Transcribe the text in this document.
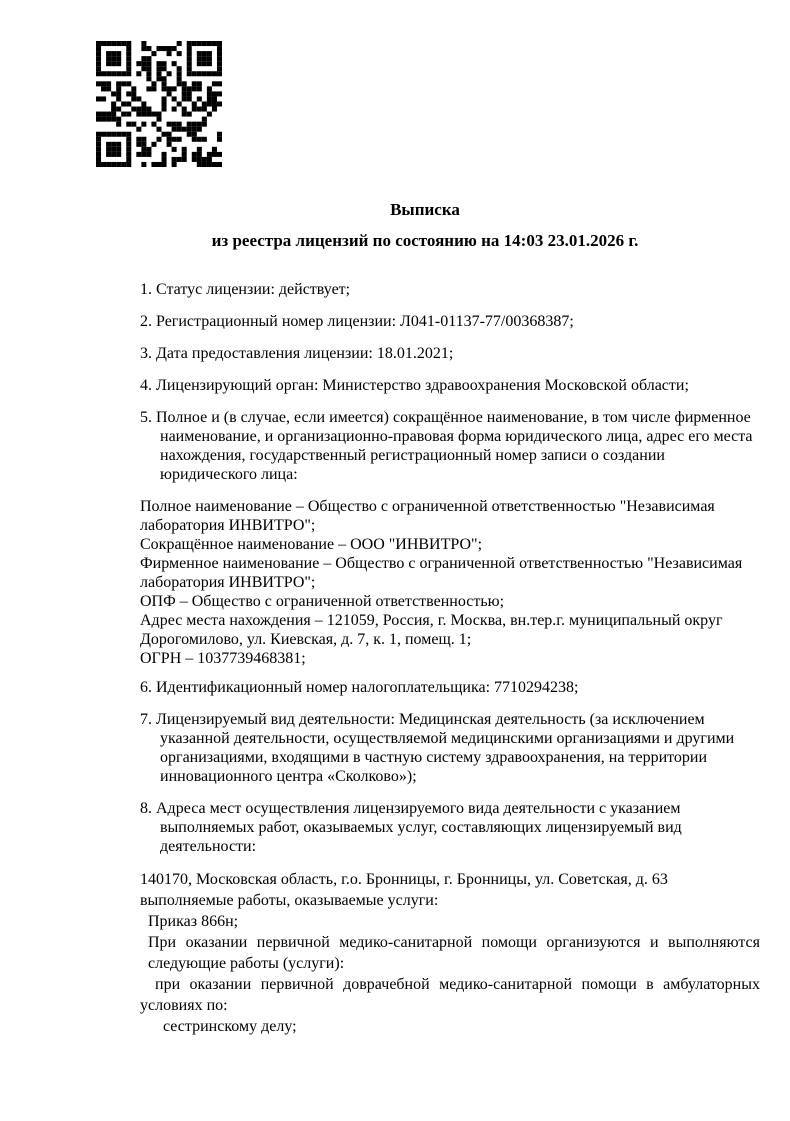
Выписка
из реестра лицензий по состоянию на 14:03 23.01.2026 г.

1. Статус лицензии: действует;

2. Регистрационный номер лицензии: Л041-01137-77/00368387;

3. Дата предоставления лицензии: 18.01.2021;

4. Лицензирующий орган: Министерство здравоохранения Московской области;

5. Полное и (в случае, если имеется) сокращённое наименование, в том числе фирменное наименование, и организационно-правовая форма юридического лица, адрес его места нахождения, государственный регистрационный номер записи о создании юридического лица:

Полное наименование – Общество с ограниченной ответственностью "Независимая лаборатория ИНВИТРО";
Сокращённое наименование – ООО "ИНВИТРО";
Фирменное наименование – Общество с ограниченной ответственностью "Независимая лаборатория ИНВИТРО";
ОПФ – Общество с ограниченной ответственностью;
Адрес места нахождения – 121059, Россия, г. Москва, вн.тер.г. муниципальный округ Дорогомилово, ул. Киевская, д. 7, к. 1, помещ. 1;
ОГРН – 1037739468381;

6. Идентификационный номер налогоплательщика: 7710294238;

7. Лицензируемый вид деятельности: Медицинская деятельность (за исключением указанной деятельности, осуществляемой медицинскими организациями и другими организациями, входящими в частную систему здравоохранения, на территории инновационного центра «Сколково»);

8. Адреса мест осуществления лицензируемого вида деятельности с указанием выполняемых работ, оказываемых услуг, составляющих лицензируемый вид деятельности:

140170, Московская область, г.о. Бронницы, г. Бронницы, ул. Советская, д. 63
выполняемые работы, оказываемые услуги:
Приказ 866н;

При оказании первичной медико-санитарной помощи организуются и выполняются следующие работы (услуги):

при оказании первичной доврачебной медико-санитарной помощи в амбулаторных условиях по:

сестринскому делу;
